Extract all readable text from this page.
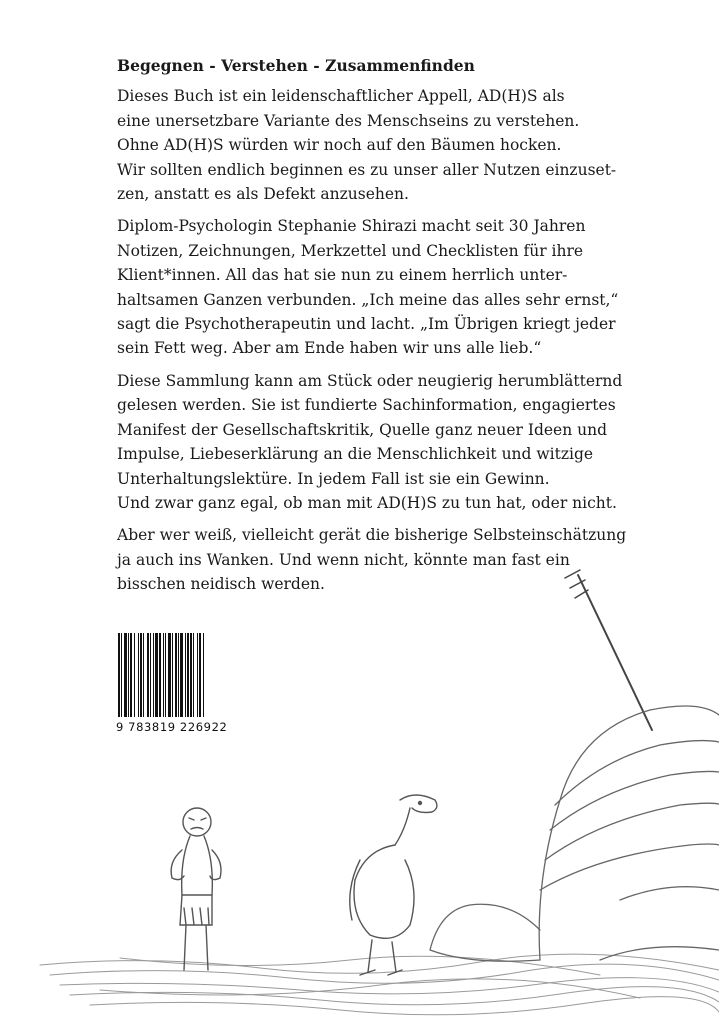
Begegnen - Verstehen - Zusammenfinden

Dieses Buch ist ein leidenschaftlicher Appell, AD(H)S als
eine unersetzbare Variante des Menschseins zu verstehen.
Ohne AD(H)S würden wir noch auf den Bäumen hocken.
Wir sollten endlich beginnen es zu unser aller Nutzen einzuset-
zen, anstatt es als Defekt anzusehen.

Diplom-Psychologin Stephanie Shirazi macht seit 30 Jahren
Notizen, Zeichnungen, Merkzettel und Checklisten für ihre
Klient*innen. All das hat sie nun zu einem herrlich unter-
haltsamen Ganzen verbunden. „Ich meine das alles sehr ernst,“
sagt die Psychotherapeutin und lacht. „Im Übrigen kriegt jeder
sein Fett weg. Aber am Ende haben wir uns alle lieb.“

Diese Sammlung kann am Stück oder neugierig herumblätternd
gelesen werden. Sie ist fundierte Sachinformation, engagiertes
Manifest der Gesellschaftskritik, Quelle ganz neuer Ideen und
Impulse, Liebeserklärung an die Menschlichkeit und witzige
Unterhaltungslektüre. In jedem Fall ist sie ein Gewinn.
Und zwar ganz egal, ob man mit AD(H)S zu tun hat, oder nicht.

Aber wer weiß, vielleicht gerät die bisherige Selbsteinschätzung
ja auch ins Wanken. Und wenn nicht, könnte man fast ein
bisschen neidisch werden.

9 783819 226922
